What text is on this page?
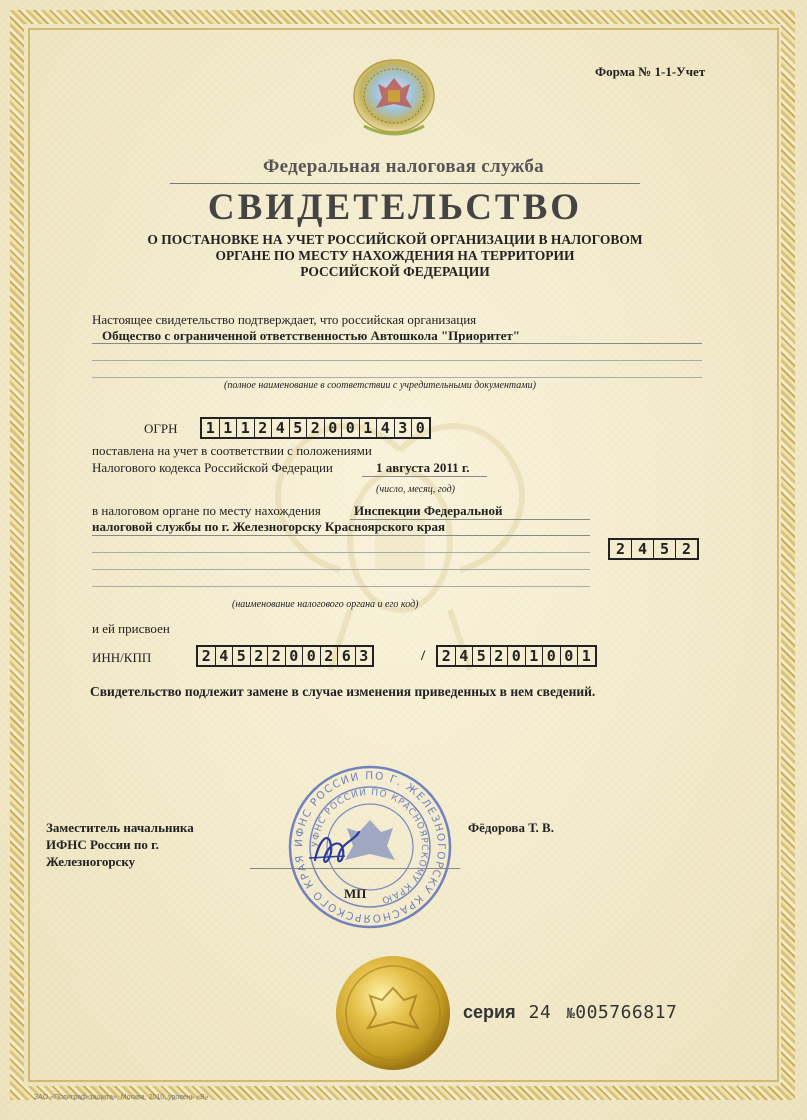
Форма № 1-1-Учет
Федеральная налоговая служба
СВИДЕТЕЛЬСТВО
О ПОСТАНОВКЕ НА УЧЕТ РОССИЙСКОЙ ОРГАНИЗАЦИИ В НАЛОГОВОМ
ОРГАНЕ ПО МЕСТУ НАХОЖДЕНИЯ НА ТЕРРИТОРИИ
РОССИЙСКОЙ ФЕДЕРАЦИИ
Настоящее свидетельство подтверждает, что российская организация
Общество с ограниченной ответственностью Автошкола "Приоритет"
(полное наименование в соответствии с учредительными документами)
ОГРН 1 1 1 2 4 5 2 0 0 1 4 3 0
поставлена на учет в соответствии с положениями
Налогового кодекса Российской Федерации	1 августа 2011 г.
(число, месяц, год)
в налоговом органе по месту нахождения	Инспекции Федеральной
налоговой службы по г. Железногорску Красноярского края
2 4 5 2
(наименование налогового органа и его код)
и ей присвоен
ИНН/КПП	2 4 5 2 2 0 0 2 6 3	/ 2 4 5 2 0 1 0 0 1
Свидетельство подлежит замене в случае изменения приведенных в нем сведений.
ИФНС РОССИИ ПО Г. ЖЕЛЕЗНОГОРСКУ КРАСНОЯРСКОГО КРАЯ
УФНС РОССИИ ПО КРАСНОЯРСКОМУ КРАЮ
Заместитель начальника
ИФНС России по г.
Железногорску
Фёдорова Т. В.
МП
серия 24 №005766817
ЗАО «Полиграф-защита», Москва, 2010, уровень «В»
